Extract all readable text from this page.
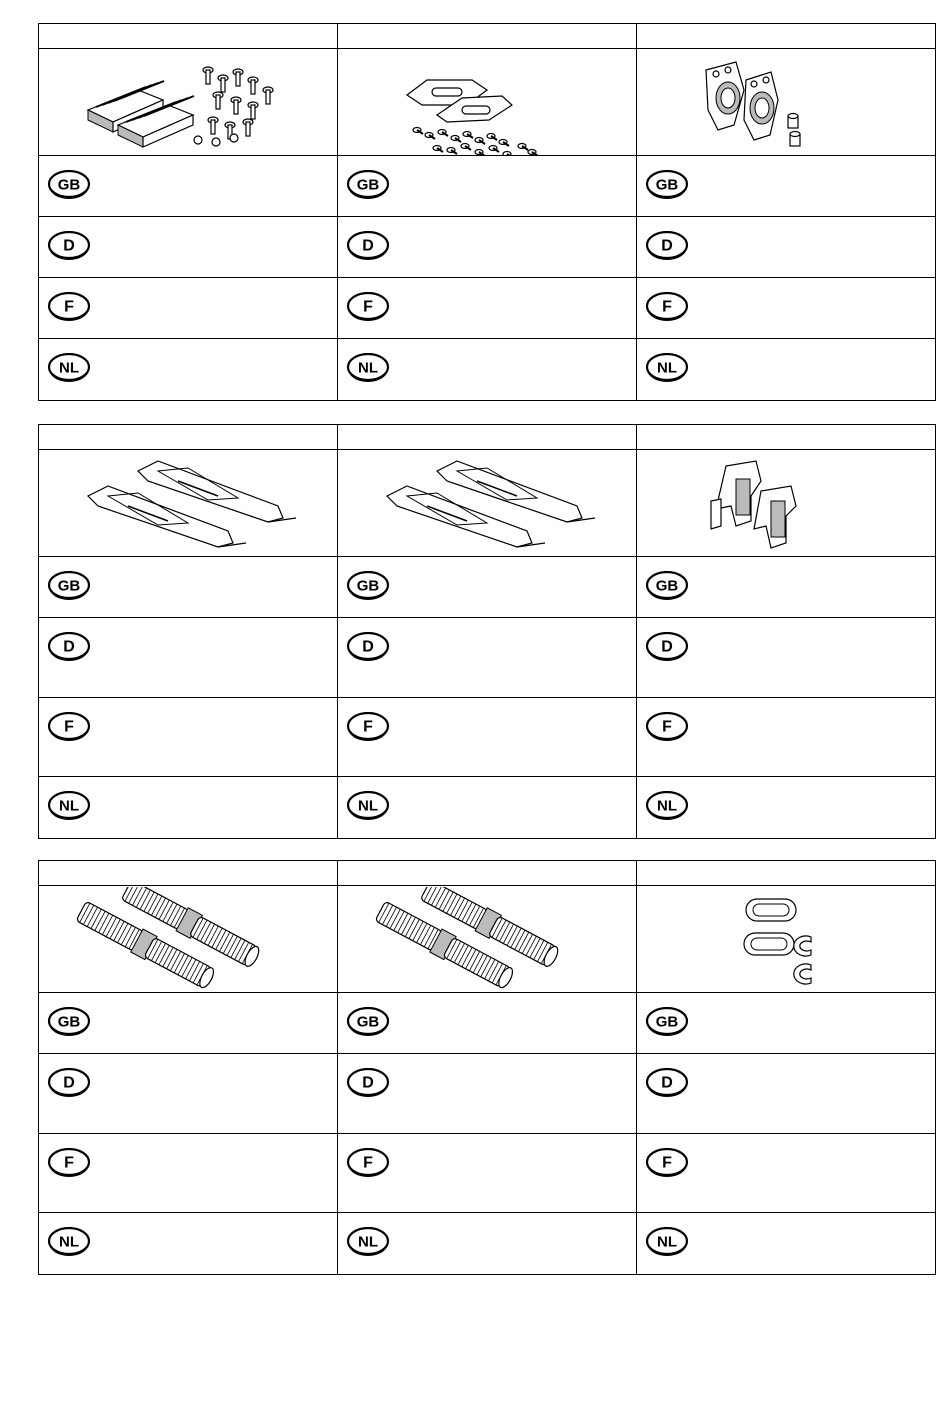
GB	GB	GB
D	D	D
F	F	F
NL	NL	NL
GB	GB	GB
D	D	D
F	F	F
NL	NL	NL
GB	GB	GB
D	D	D
F	F	F
NL	NL	NL
